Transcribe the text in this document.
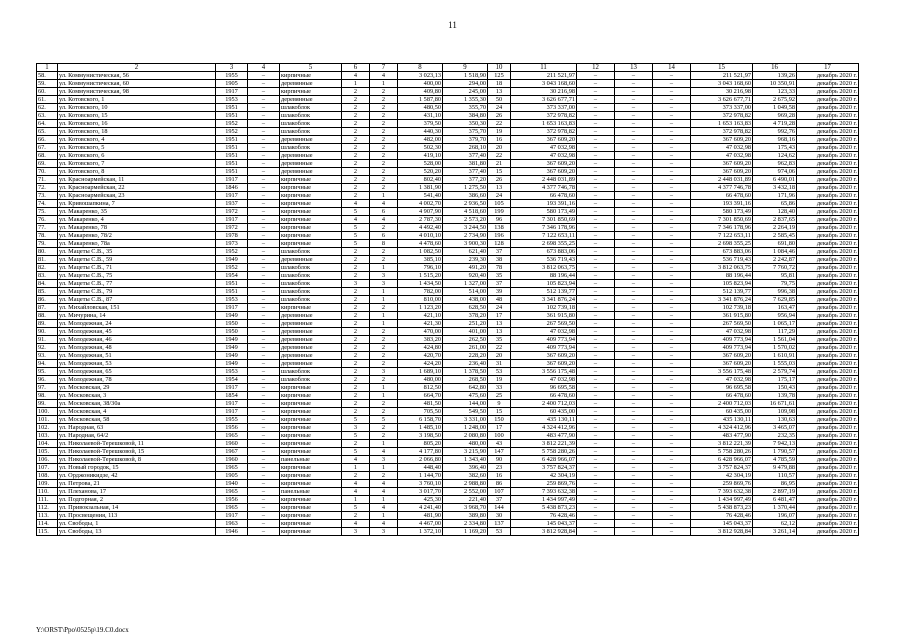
11
1	2	3	4	5	6	7	8	9	10	11	12	13	14	15	16	17
58.	ул. Коммунистическая, 56	1955	–	кирпичные	4	4	3 023,13	1 518,90	125	211 521,97	–	–	–	211 521,97	139,26	декабрь 2020 г.
59.	ул. Коммунистическая, 60	1905	–	деревянные	1	1	400,00	294,00	18	3 043 168,60	–	–	–	3 043 168,60	10 350,91	декабрь 2020 г.
60.	ул. Коммунистическая, 98	1917	–	кирпичные	2	2	409,80	245,00	13	30 216,98	–	–	–	30 216,98	123,33	декабрь 2020 г.
61.	ул. Котовского, 1	1953	–	деревянные	2	2	1 587,80	1 355,30	50	3 626 677,71	–	–	–	3 626 677,71	2 675,92	декабрь 2020 г.
62.	ул. Котовского, 10	1951	–	шлакоблок	2	2	480,50	355,70	24	373 337,00	–	–	–	373 337,00	1 049,58	декабрь 2020 г.
63.	ул. Котовского, 15	1951	–	шлакоблок	2	2	431,10	384,80	26	372 978,82	–	–	–	372 978,82	969,28	декабрь 2020 г.
64.	ул. Котовского, 16	1952	–	шлакоблок	2	2	379,50	350,30	22	1 653 163,83	–	–	–	1 653 163,83	4 719,28	декабрь 2020 г.
65.	ул. Котовского, 18	1952	–	шлакоблок	2	2	440,30	375,70	19	372 978,82	–	–	–	372 978,82	992,76	декабрь 2020 г.
66.	ул. Котовского, 4	1951	–	деревянные	2	2	482,00	379,70	16	367 609,20	–	–	–	367 609,20	968,16	декабрь 2020 г.
67.	ул. Котовского, 5	1951	–	шлакоблок	2	2	502,30	268,10	20	47 032,98	–	–	–	47 032,98	175,43	декабрь 2020 г.
68.	ул. Котовского, 6	1951	–	деревянные	2	2	419,10	377,40	22	47 032,98	–	–	–	47 032,98	124,62	декабрь 2020 г.
69.	ул. Котовского, 7	1951	–	деревянные	2	2	528,00	381,80	21	367 609,20	–	–	–	367 609,20	962,83	декабрь 2020 г.
70.	ул. Котовского, 8	1951	–	деревянные	2	2	520,20	377,40	15	367 609,20	–	–	–	367 609,20	974,06	декабрь 2020 г.
71.	ул. Красноармейская, 11	1917	–	кирпичные	2	2	802,40	377,20	26	2 448 031,89	–	–	–	2 448 031,89	6 490,01	декабрь 2020 г.
72.	ул. Красноармейская, 22	1846	–	кирпичные	2	2	1 381,90	1 275,50	13	4 377 746,78	–	–	–	4 377 746,78	3 432,18	декабрь 2020 г.
73.	ул. Красноармейская, 23	1917	–	кирпичные	2	1	541,40	386,60	24	66 478,60	–	–	–	66 478,60	171,96	декабрь 2020 г.
74.	ул. Кривошапкина, 7	1937	–	кирпичные	4	4	4 002,70	2 936,50	105	193 391,16	–	–	–	193 391,16	65,86	декабрь 2020 г.
75.	ул. Макаренко, 35	1972	–	кирпичные	5	6	4 907,90	4 518,60	199	580 173,49	–	–	–	580 173,49	128,40	декабрь 2020 г.
76.	ул. Макаренко, 4	1917	–	кирпичные	4	4	2 787,30	2 573,20	96	7 301 850,69	–	–	–	7 301 850,69	2 837,65	декабрь 2020 г.
77.	ул. Макаренко, 78	1972	–	кирпичные	5	2	4 492,40	3 244,50	138	7 346 178,96	–	–	–	7 346 178,96	2 264,19	декабрь 2020 г.
78.	ул. Макаренко, 78/2	1978	–	кирпичные	5	6	4 010,10	2 734,90	196	7 122 653,11	–	–	–	7 122 653,11	2 585,45	декабрь 2020 г.
79.	ул. Макаренко, 78а	1973	–	кирпичные	5	8	4 478,60	3 900,30	128	2 698 355,25	–	–	–	2 698 355,25	691,80	декабрь 2020 г.
80.	ул. Мацеты С.В., 35	1952	–	шлакоблок	2	2	1 082,50	621,40	37	673 883,06	–	–	–	673 883,06	1 084,46	декабрь 2020 г.
81.	ул. Мацеты С.В., 59	1949	–	деревянные	2	2	385,10	239,30	38	536 719,43	–	–	–	536 719,43	2 242,87	декабрь 2020 г.
82.	ул. Мацеты С.В., 71	1952	–	шлакоблок	2	1	796,10	491,20	78	3 812 063,75	–	–	–	3 812 063,75	7 760,72	декабрь 2020 г.
83.	ул. Мацеты С.В., 75	1954	–	шлакоблок	2	3	1 515,20	920,40	35	88 196,44	–	–	–	88 196,44	95,81	декабрь 2020 г.
84.	ул. Мацеты С.В., 77	1951	–	шлакоблок	3	3	1 434,50	1 327,00	37	105 823,94	–	–	–	105 823,94	79,75	декабрь 2020 г.
85.	ул. Мацеты С.В., 79	1951	–	шлакоблок	2	1	782,00	514,00	39	512 139,77	–	–	–	512 139,77	996,38	декабрь 2020 г.
86.	ул. Мацеты С.В., 87	1953	–	шлакоблок	2	1	810,00	438,00	48	3 341 876,24	–	–	–	3 341 876,24	7 629,85	декабрь 2020 г.
87.	ул. Михайловская, 151	1917	–	кирпичные	2	2	1 123,20	628,50	24	102 739,18	–	–	–	102 739,18	163,47	декабрь 2020 г.
88.	ул. Мичурина, 14	1949	–	деревянные	2	1	421,10	378,20	17	361 915,80	–	–	–	361 915,80	956,94	декабрь 2020 г.
89.	ул. Молодежная, 24	1950	–	деревянные	2	1	421,30	251,20	13	267 569,50	–	–	–	267 569,50	1 065,17	декабрь 2020 г.
90.	ул. Молодежная, 45	1950	–	деревянные	2	2	470,00	401,00	13	47 032,98	–	–	–	47 032,98	117,29	декабрь 2020 г.
91.	ул. Молодежная, 46	1949	–	деревянные	2	2	383,20	262,50	35	409 773,94	–	–	–	409 773,94	1 561,04	декабрь 2020 г.
92.	ул. Молодежная, 48	1949	–	деревянные	2	2	424,80	261,00	22	409 773,94	–	–	–	409 773,94	1 570,02	декабрь 2020 г.
93.	ул. Молодежная, 51	1949	–	деревянные	2	2	420,70	228,20	20	367 609,20	–	–	–	367 609,20	1 610,91	декабрь 2020 г.
94.	ул. Молодежная, 53	1949	–	деревянные	2	2	424,20	236,40	31	367 609,20	–	–	–	367 609,20	1 555,03	декабрь 2020 г.
95.	ул. Молодежная, 65	1953	–	шлакоблок	2	3	1 689,10	1 378,50	53	3 556 175,48	–	–	–	3 556 175,48	2 579,74	декабрь 2020 г.
96.	ул. Молодежная, 78	1954	–	шлакоблок	2	2	480,00	268,50	19	47 032,98	–	–	–	47 032,98	175,17	декабрь 2020 г.
97.	ул. Московская, 29	1917	–	кирпичные	2	1	812,50	642,80	33	96 695,58	–	–	–	96 695,58	150,43	декабрь 2020 г.
98.	ул. Московская, 3	1854	–	кирпичные	2	1	664,70	475,60	25	66 478,60	–	–	–	66 478,60	139,78	декабрь 2020 г.
99.	ул. Московская, 38/30а	1917	–	кирпичные	2	2	481,50	144,00	9	2 400 712,03	–	–	–	2 400 712,03	16 671,61	декабрь 2020 г.
100.	ул. Московская, 4	1917	–	кирпичные	2	2	705,50	549,50	15	60 435,00	–	–	–	60 435,00	109,98	декабрь 2020 г.
101.	ул. Московская, 58	1955	–	кирпичные	5	5	6 158,70	3 331,00	150	435 130,11	–	–	–	435 130,11	130,63	декабрь 2020 г.
102.	ул. Народная, 63	1956	–	кирпичные	3	2	1 485,10	1 248,00	17	4 324 412,96	–	–	–	4 324 412,96	3 465,07	декабрь 2020 г.
103.	ул. Народная, 64/2	1965	–	кирпичные	5	2	3 198,50	2 080,80	100	483 477,90	–	–	–	483 477,90	232,35	декабрь 2020 г.
104.	ул. Николаевой-Терешковой, 11	1960	–	кирпичные	2	1	805,20	480,00	43	3 812 221,39	–	–	–	3 812 221,39	7 942,13	декабрь 2020 г.
105.	ул. Николаевой-Терешковой, 15	1967	–	кирпичные	5	4	4 177,80	3 215,90	147	5 758 280,26	–	–	–	5 758 280,26	1 790,57	декабрь 2020 г.
106.	ул. Николаевой-Терешковой, 8	1960	–	панельные	4	3	2 066,80	1 343,40	90	6 428 966,07	–	–	–	6 428 966,07	4 785,59	декабрь 2020 г.
107.	ул. Новый городок, 15	1965	–	кирпичные	1	1	448,40	396,40	23	3 757 824,37	–	–	–	3 757 824,37	9 479,88	декабрь 2020 г.
108.	ул. Орджоникидзе, 42	1905	–	кирпичные	2	2	1 144,70	382,60	16	42 304,19	–	–	–	42 304,19	110,57	декабрь 2020 г.
109.	ул. Петрова, 21	1940	–	кирпичные	4	4	3 760,10	2 988,80	86	259 869,76	–	–	–	259 869,76	86,95	декабрь 2020 г.
110.	ул. Плеханова, 17	1965	–	панельные	4	4	3 017,70	2 552,00	107	7 393 632,38	–	–	–	7 393 632,38	2 897,19	декабрь 2020 г.
111.	ул. Подгорная, 2	1956	–	кирпичные	1	1	425,30	221,40	37	1 434 997,49	–	–	–	1 434 997,49	6 481,47	декабрь 2020 г.
112.	ул. Привокзальная, 14	1965	–	кирпичные	5	4	4 241,40	3 968,70	144	5 438 873,23	–	–	–	5 438 873,23	1 370,44	декабрь 2020 г.
113.	ул. Просвещения, 113	1917	–	кирпичные	2	1	481,90	389,80	30	76 428,46	–	–	–	76 428,46	196,07	декабрь 2020 г.
114.	ул. Свободы, 1	1963	–	кирпичные	4	4	4 467,00	2 334,80	137	145 043,37	–	–	–	145 043,37	62,12	декабрь 2020 г.
115.	ул. Свободы, 13	1946	–	кирпичные	3	3	1 372,10	1 169,20	53	3 812 928,84	–	–	–	3 812 928,84	3 261,14	декабрь 2020 г.
Y:\ORST\Ppo\0525p\19.C0.docx
